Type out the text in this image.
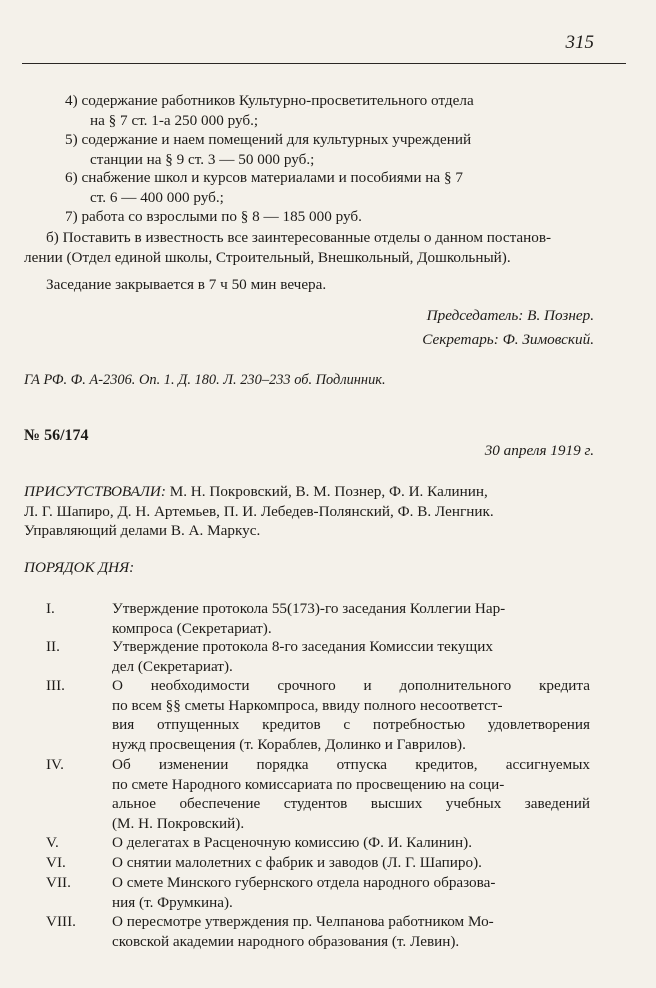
315
4) содержание работников Культурно-просветительного отдела
на § 7 ст. 1-а 250 000 руб.;
5) содержание и наем помещений для культурных учреждений
станции на § 9 ст. 3 — 50 000 руб.;
6) снабжение школ и курсов материалами и пособиями на § 7
ст. 6 — 400 000 руб.;
7) работа со взрослыми по § 8 — 185 000 руб.
б) Поставить в известность все заинтересованные отделы о данном постанов-
лении (Отдел единой школы, Строительный, Внешкольный, Дошкольный).
Заседание закрывается в 7 ч 50 мин вечера.
Председатель: В. Познер.
Секретарь: Ф. Зимовский.
ГА РФ. Ф. А-2306. Оп. 1. Д. 180. Л. 230–233 об. Подлинник.
№ 56/174
30 апреля 1919 г.
ПРИСУТСТВОВАЛИ: М. Н. Покровский, В. М. Познер, Ф. И. Калинин,
Л. Г. Шапиро, Д. Н. Артемьев, П. И. Лебедев-Полянский, Ф. В. Ленгник.
Управляющий делами В. А. Маркус.
ПОРЯДОК ДНЯ:
I.	Утверждение протокола 55(173)-го заседания Коллегии Нар-
компроса (Секретариат).
II.	Утверждение протокола 8-го заседания Комиссии текущих
дел (Секретариат).
III.	О необходимости срочного и дополнительного кредита
по всем §§ сметы Наркомпроса, ввиду полного несоответст-
вия отпущенных кредитов с потребностью удовлетворения
нужд просвещения (т. Кораблев, Долинко и Гаврилов).
IV.	Об изменении порядка отпуска кредитов, ассигнуемых
по смете Народного комиссариата по просвещению на соци-
альное обеспечение студентов высших учебных заведений
(М. Н. Покровский).
V.	О делегатах в Расценочную комиссию (Ф. И. Калинин).
VI.	О снятии малолетних с фабрик и заводов (Л. Г. Шапиро).
VII.	О смете Минского губернского отдела народного образова-
ния (т. Фрумкина).
VIII. О пересмотре утверждения пр. Челпанова работником Мо-
сковской академии народного образования (т. Левин).
